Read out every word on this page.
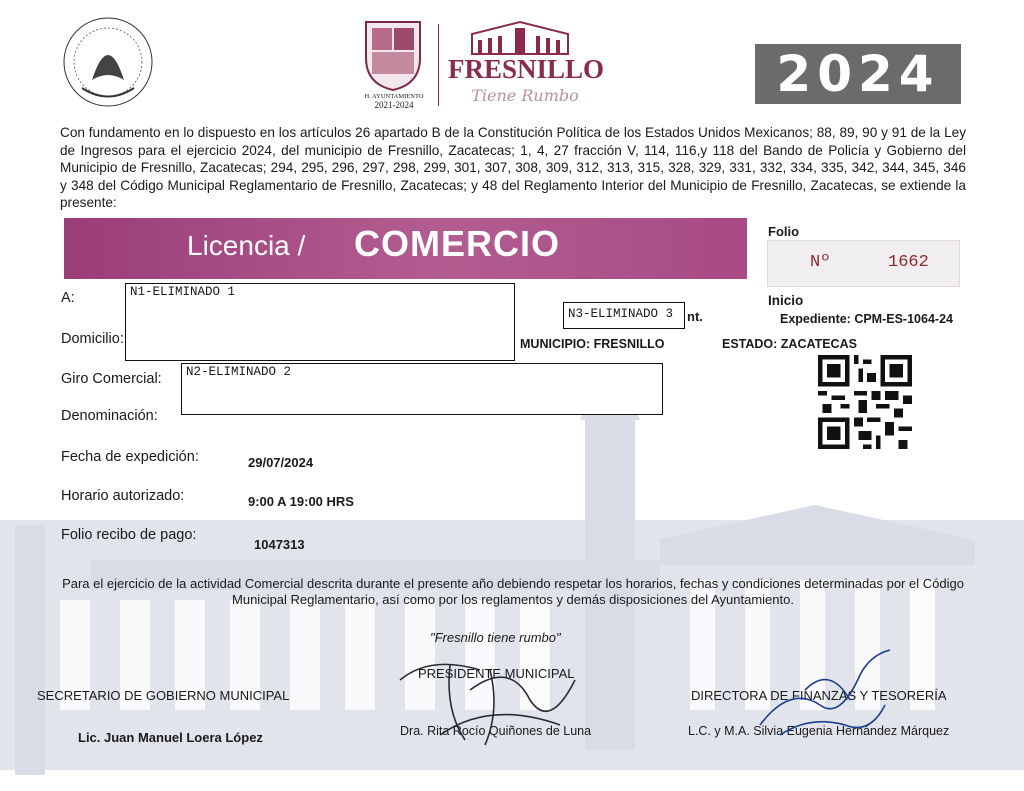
H. AYUNTAMIENTO
2021-2024
FRESNILLO
Tiene Rumbo	2024
Con fundamento en lo dispuesto en los artículos 26 apartado B de la Constitución Política de los Estados Unidos Mexicanos; 88, 89, 90 y 91 de la Ley de Ingresos para el ejercicio 2024, del municipio de Fresnillo, Zacatecas; 1, 4, 27 fracción V, 114, 116,y 118 del Bando de Policía y Gobierno del Municipio de Fresnillo, Zacatecas; 294, 295, 296, 297, 298, 299, 301, 307, 308, 309, 312, 313, 315, 328, 329, 331, 332, 334, 335, 342, 344, 345, 346 y 348 del Código Municipal Reglamentario de Fresnillo, Zacatecas; y 48 del Reglamento Interior del Municipio de Fresnillo, Zacatecas, se extiende la presente:
Licencia / COMERCIO	Folio
Nº	1662
Inicio
Expediente: CPM-ES-1064-24
A:	N1-ELIMINADO 1
Domicilio:
N3-ELIMINADO 3	nt.
MUNICIPIO: FRESNILLO	ESTADO: ZACATECAS
Giro Comercial:	N2-ELIMINADO 2
Denominación:
Fecha de expedición:	29/07/2024
Horario autorizado:	9:00 A 19:00 HRS
Folio recibo de pago:
1047313
Para el ejercicio de la actividad Comercial descrita durante el presente año debiendo respetar los horarios, fechas y condiciones determinadas por el Código Municipal Reglamentario, así como por los reglamentos y demás disposiciones del Ayuntamiento.
"Fresnillo tiene rumbo"
SECRETARIO DE GOBIERNO MUNICIPAL
Lic. Juan Manuel Loera López
PRESIDENTE MUNICIPAL
Dra. Rita Rocío Quiñones de Luna
DIRECTORA DE FINANZAS Y TESORERÍA
L.C. y M.A. Silvia Eugenia Hernández Márquez
